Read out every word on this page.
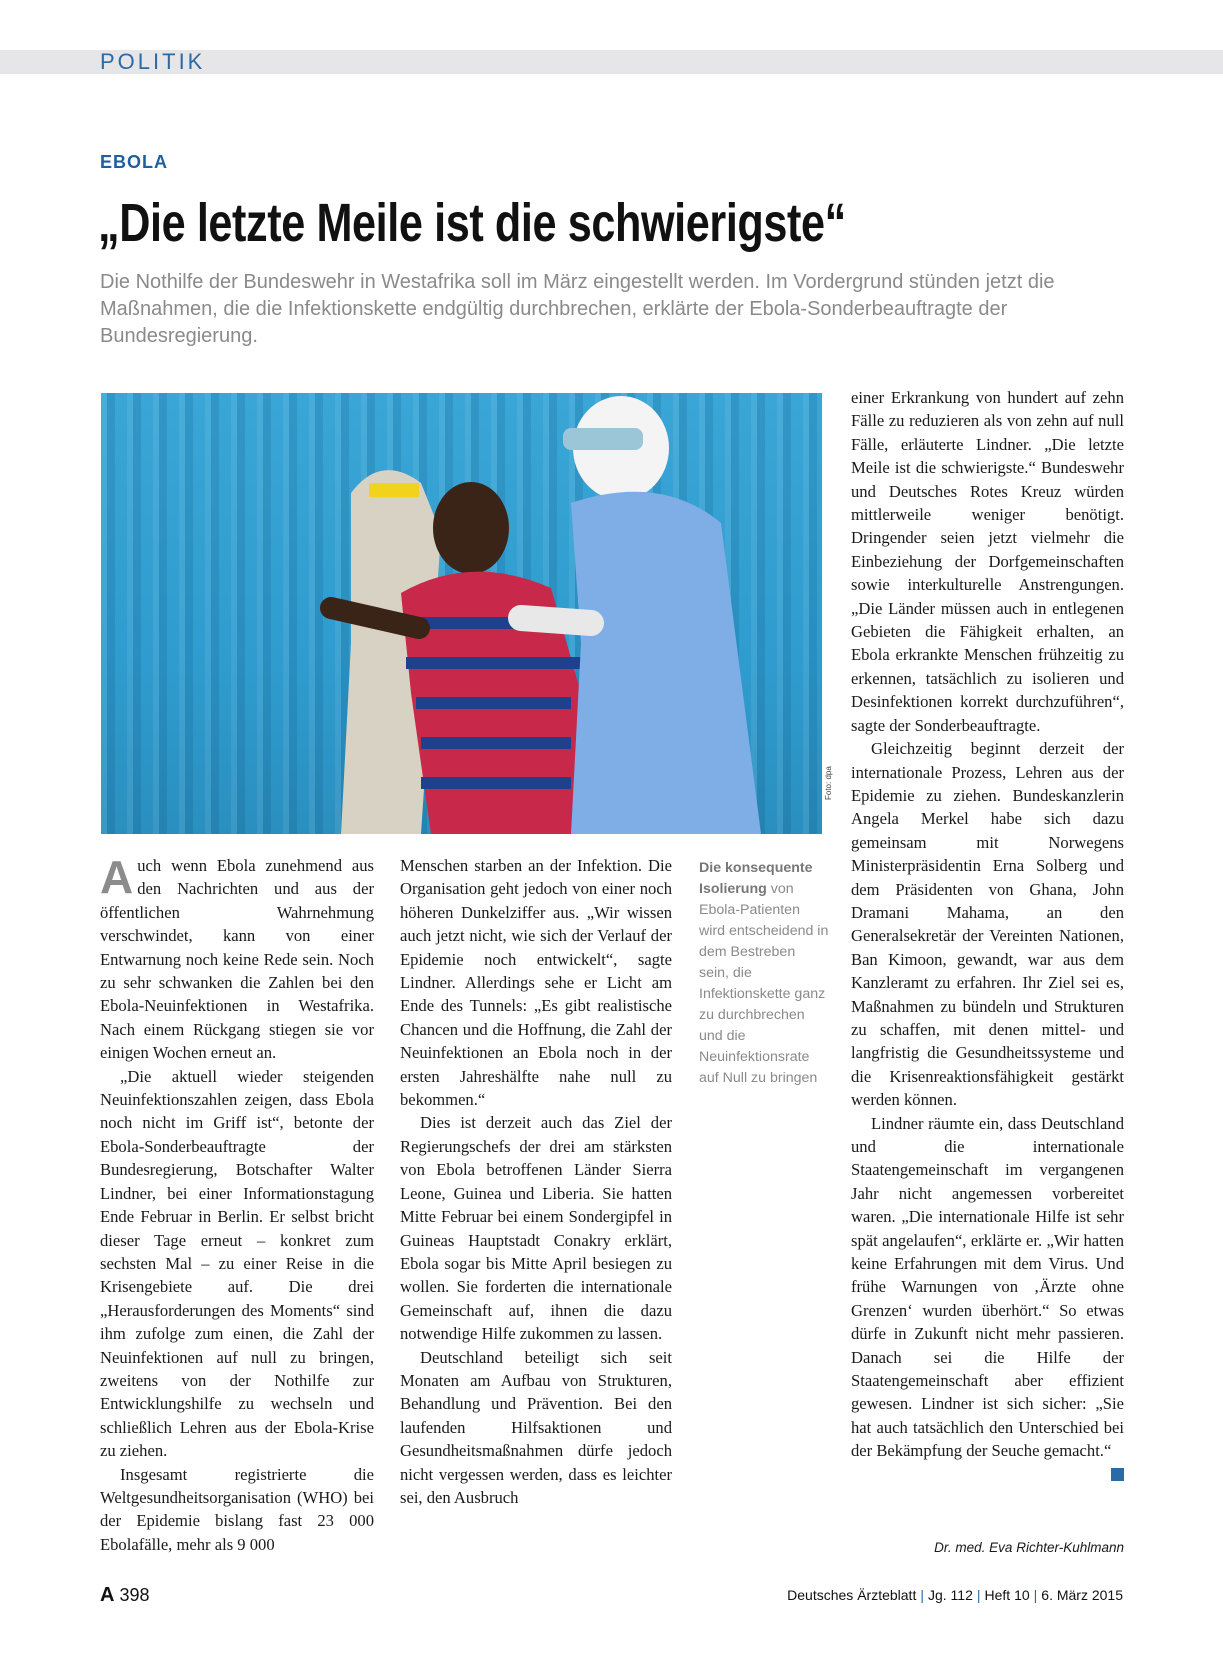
POLITIK
EBOLA
„Die letzte Meile ist die schwierigste“
Die Nothilfe der Bundeswehr in Westafrika soll im März eingestellt werden. Im Vordergrund stünden jetzt die Maßnahmen, die die Infektionskette endgültig durchbrechen, erklärte der Ebola-Sonderbeauftragte der Bundesregierung.
Foto: dpa

Auch wenn Ebola zunehmend aus den Nachrichten und aus der öffentlichen Wahrnehmung verschwindet, kann von einer Entwarnung noch keine Rede sein. Noch zu sehr schwanken die Zahlen bei den Ebola-Neuinfektionen in Westafrika. Nach einem Rückgang stiegen sie vor einigen Wochen erneut an.

„Die aktuell wieder steigenden Neuinfektionszahlen zeigen, dass Ebola noch nicht im Griff ist“, betonte der Ebola-Sonderbeauftragte der Bundesregierung, Botschafter Walter Lindner, bei einer Informationstagung Ende Februar in Berlin. Er selbst bricht dieser Tage erneut – konkret zum sechsten Mal – zu einer Reise in die Krisengebiete auf. Die drei „Herausforderungen des Moments“ sind ihm zufolge zum einen, die Zahl der Neuinfektionen auf null zu bringen, zweitens von der Nothilfe zur Entwicklungshilfe zu wechseln und schließlich Lehren aus der Ebola-Krise zu ziehen.

Insgesamt registrierte die Weltgesundheitsorganisation (WHO) bei der Epidemie bislang fast 23 000 Ebolafälle, mehr als 9 000

Menschen starben an der Infektion. Die Organisation geht jedoch von einer noch höheren Dunkelziffer aus. „Wir wissen auch jetzt nicht, wie sich der Verlauf der Epidemie noch entwickelt“, sagte Lindner. Allerdings sehe er Licht am Ende des Tunnels: „Es gibt realistische Chancen und die Hoffnung, die Zahl der Neuinfektionen an Ebola noch in der ersten Jahreshälfte nahe null zu bekommen.“

Dies ist derzeit auch das Ziel der Regierungschefs der drei am stärksten von Ebola betroffenen Länder Sierra Leone, Guinea und Liberia. Sie hatten Mitte Februar bei einem Sondergipfel in Guineas Hauptstadt Conakry erklärt, Ebola sogar bis Mitte April besiegen zu wollen. Sie forderten die internationale Gemeinschaft auf, ihnen die dazu notwendige Hilfe zukommen zu lassen.

Deutschland beteiligt sich seit Monaten am Aufbau von Strukturen, Behandlung und Prävention. Bei den laufenden Hilfsaktionen und Gesundheitsmaßnahmen dürfe jedoch nicht vergessen werden, dass es leichter sei, den Ausbruch

Die konsequente Isolierung von Ebola-Patienten wird entscheidend in dem Bestreben sein, die Infektionskette ganz zu durchbrechen und die Neuinfektionsrate auf Null zu bringen

einer Erkrankung von hundert auf zehn Fälle zu reduzieren als von zehn auf null Fälle, erläuterte Lindner. „Die letzte Meile ist die schwierigste.“ Bundeswehr und Deutsches Rotes Kreuz würden mittlerweile weniger benötigt. Dringender seien jetzt vielmehr die Einbeziehung der Dorfgemeinschaften sowie interkulturelle Anstrengungen. „Die Länder müssen auch in entlegenen Gebieten die Fähigkeit erhalten, an Ebola erkrankte Menschen frühzeitig zu erkennen, tatsächlich zu isolieren und Desinfektionen korrekt durchzuführen“, sagte der Sonderbeauftragte.

Gleichzeitig beginnt derzeit der internationale Prozess, Lehren aus der Epidemie zu ziehen. Bundeskanzlerin Angela Merkel habe sich dazu gemeinsam mit Norwegens Ministerpräsidentin Erna Solberg und dem Präsidenten von Ghana, John Dramani Mahama, an den Generalsekretär der Vereinten Nationen, Ban Kimoon, gewandt, war aus dem Kanzleramt zu erfahren. Ihr Ziel sei es, Maßnahmen zu bündeln und Strukturen zu schaffen, mit denen mittel- und langfristig die Gesundheitssysteme und die Krisenreaktionsfähigkeit gestärkt werden können.

Lindner räumte ein, dass Deutschland und die internationale Staatengemeinschaft im vergangenen Jahr nicht angemessen vorbereitet waren. „Die internationale Hilfe ist sehr spät angelaufen“, erklärte er. „Wir hatten keine Erfahrungen mit dem Virus. Und frühe Warnungen von ‚Ärzte ohne Grenzen‘ wurden überhört.“ So etwas dürfe in Zukunft nicht mehr passieren. Danach sei die Hilfe der Staatengemeinschaft aber effizient gewesen. Lindner ist sich sicher: „Sie hat auch tatsächlich den Unterschied bei der Bekämpfung der Seuche gemacht.“

Dr. med. Eva Richter-Kuhlmann
A 398	Deutsches Ärzteblatt | Jg. 112 | Heft 10 | 6. März 2015
